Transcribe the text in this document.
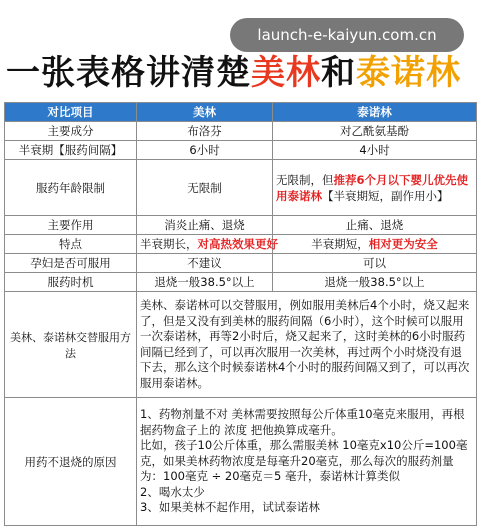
launch-e-kaiyun.com.cn
一张表格讲清楚美林和泰诺林
对比项目	美林	泰诺林
主要成分	布洛芬	对乙酰氨基酚
半衰期【服药间隔】	6小时	4小时
服药年龄限制	无限制	无限制，但推荐6个月以下婴儿优先使用泰诺林【半衰期短，副作用小】
主要作用	消炎止痛、退烧	止痛、退烧
特点	半衰期长，对高热效果更好	半衰期短，相对更为安全
孕妇是否可服用	不建议	可以
服药时机	退烧一般38.5°以上	退烧一般38.5°以上
美林、泰诺林交替服用方法	美林、泰诺林可以交替服用，例如服用美林后4个小时，烧又起来了，但是又没有到美林的服药间隔（6小时），这个时候可以服用一次泰诺林，再等2小时后，烧又起来了，这时美林的6小时服药间隔已经到了，可以再次服用一次美林，再过两个小时烧没有退下去，那么这个时候泰诺林4个小时的服药间隔又到了，可以再次服用泰诺林。	
用药不退烧的原因	1、药物剂量不对 美林需要按照每公斤体重10毫克来服用，再根据药物盒子上的 浓度 把他换算成毫升。
比如，孩子10公斤体重，那么需服美林 10毫克x10公斤=100毫克，如果美林药物浓度是每毫升20毫克，那么每次的服药剂量为：100毫克 ÷ 20毫克＝5 毫升，泰诺林计算类似
2、喝水太少
3、如果美林不起作用，试试泰诺林	
